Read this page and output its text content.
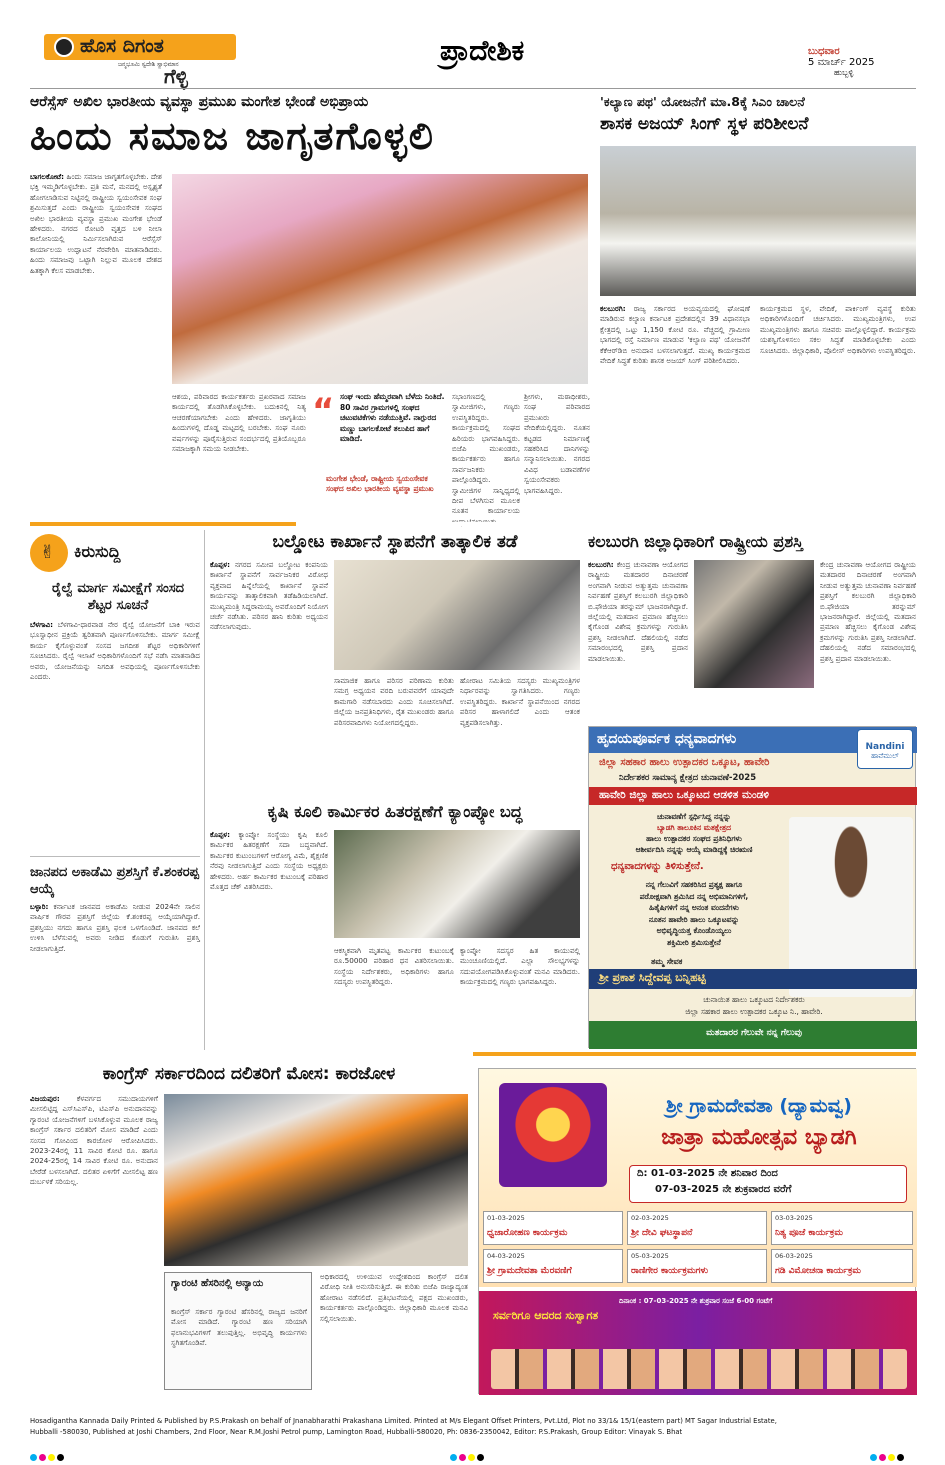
ಹೊಸ ದಿಗಂತ
ಜನ್ಮಭೂಮಿ ಸ್ವದೇಶಿ ಸ್ವಾಭಿಮಾನ
ಗೆಳ್ಳಿ
ಪ್ರಾದೇಶಿಕ	ಬುಧವಾರ
5 ಮಾರ್ಚ್ 2025
ಹುಬ್ಬಳ್ಳಿ
ಆರೆಸ್ಸೆಸ್ ಅಖಿಲ ಭಾರತೀಯ ವ್ಯವಸ್ಥಾ ಪ್ರಮುಖ ಮಂಗೇಶ ಭೇಂಡೆ ಅಭಿಪ್ರಾಯ
ಹಿಂದು ಸಮಾಜ ಜಾಗೃತಗೊಳ್ಳಲಿ
ಬಾಗಲಕೋಟೆ: ಹಿಂದು ಸಮಾಜ ಜಾಗೃತಗೊಳ್ಳಬೇಕು. ದೇಶ ಭಕ್ತಿ ಇಮ್ಮಡಿಗೊಳ್ಳಬೇಕು. ಪ್ರತಿ ಮನೆ, ಮನದಲ್ಲಿ ಅಸ್ಪೃಶ್ಯತೆ ಹೋಗಲಾಡಿಸುವ ನಿಟ್ಟಿನಲ್ಲಿ ರಾಷ್ಟ್ರೀಯ ಸ್ವಯಂಸೇವಕ ಸಂಘ ಶ್ರಮಿಸುತ್ತದೆ ಎಂದು ರಾಷ್ಟ್ರೀಯ ಸ್ವಯಂಸೇವಕ ಸಂಘದ ಅಖಿಲ ಭಾರತೀಯ ವ್ಯವಸ್ಥಾ ಪ್ರಮುಖ ಮಂಗೇಶ ಭೇಂಡೆ ಹೇಳಿದರು. ನಗರದ ರೋಟರಿ ವೃತ್ತದ ಬಳಿ ನೀಲಾ ಕಾಲೋನಿಯಲ್ಲಿ ನಿರ್ಮಿಸಲಾಗಿರುವ ಆರೆಸ್ಸೆಸ್ ಕಾರ್ಯಾಲಯ ಉದ್ಘಾಟನೆ ನೆರವೇರಿಸಿ ಮಾತನಾಡಿದರು. ಹಿಂದು ಸಮಾಜವು ಒಟ್ಟಾಗಿ ನಿಲ್ಲುವ ಮೂಲಕ ದೇಶದ ಹಿತಕ್ಕಾಗಿ ಕೆಲಸ ಮಾಡಬೇಕು.
ಆಶಯ, ಪರಿವಾರದ ಕಾರ್ಯಕರ್ತರು ಪ್ರಖರವಾದ ಸಮಾಜ ಕಾರ್ಯದಲ್ಲಿ ತೊಡಗಿಸಿಕೊಳ್ಳಬೇಕು. ಬದುಕಿನಲ್ಲಿ ನಿತ್ಯ ಆಚರಣೆಯಾಗಬೇಕು ಎಂದು ಹೇಳಿದರು. ಜಾಗೃತಿಯು ಹಿಂದುಗಳಲ್ಲಿ ದೊಡ್ಡ ಮಟ್ಟದಲ್ಲಿ ಬರಬೇಕು. ಸಂಘ ನೂರು ವರ್ಷಗಳನ್ನು ಪೂರೈಸುತ್ತಿರುವ ಸಂದರ್ಭದಲ್ಲಿ ಪ್ರತಿಯೊಬ್ಬರೂ ಸಮಾಜಕ್ಕಾಗಿ ಸಮಯ ನೀಡಬೇಕು.
“ ಸಂಘ ಇಂದು ಹೆಮ್ಮರವಾಗಿ ಬೆಳೆದು ನಿಂತಿದೆ. 80 ಸಾವಿರ ಗ್ರಾಮಗಳಲ್ಲಿ ಸಂಘದ ಚಟುವಟಿಕೆಗಳು ನಡೆಯುತ್ತಿವೆ. ನಾಗ್ಪುರದ ಮಣ್ಣು ಬಾಗಲಕೋಟೆ ತಲುಪಿದ ಹಾಗೆ ಮಾಡಿದೆ.
ಮಂಗೇಶ ಭೇಂಡೆ, ರಾಷ್ಟ್ರೀಯ ಸ್ವಯಂಸೇವಕ ಸಂಘದ ಅಖಿಲ ಭಾರತೀಯ ವ್ಯವಸ್ಥಾ ಪ್ರಮುಖ
ಸಭಾಂಗಣದಲ್ಲಿ ಸ್ವಾಮೀಜಿಗಳು, ಗಣ್ಯರು ಉಪಸ್ಥಿತರಿದ್ದರು. ಕಾರ್ಯಕ್ರಮದಲ್ಲಿ ಸಂಘದ ಹಿರಿಯರು ಭಾಗವಹಿಸಿದ್ದರು. ಬಿಜೆಪಿ ಮುಖಂಡರು, ಕಾರ್ಯಕರ್ತರು ಹಾಗೂ ಸಾರ್ವಜನಿಕರು ಪಾಲ್ಗೊಂಡಿದ್ದರು. ಸ್ವಾಮೀಜಿಗಳ ಸಾನ್ನಿಧ್ಯದಲ್ಲಿ ದೀಪ ಬೆಳಗಿಸುವ ಮೂಲಕ ನೂತನ ಕಾರ್ಯಾಲಯ
ಶ್ರೀಗಳು, ಮಠಾಧೀಶರು, ಸಂಘ ಪರಿವಾರದ ಪ್ರಮುಖರು ವೇದಿಕೆಯಲ್ಲಿದ್ದರು. ನೂತನ ಕಟ್ಟಡದ ನಿರ್ಮಾಣಕ್ಕೆ ಸಹಕರಿಸಿದ ದಾನಿಗಳನ್ನು ಸನ್ಮಾನಿಸಲಾಯಿತು. ನಗರದ ವಿವಿಧ ಬಡಾವಣೆಗಳ ಸ್ವಯಂಸೇವಕರು ಭಾಗವಹಿಸಿದ್ದರು.
'ಕಲ್ಯಾಣ ಪಥ' ಯೋಜನೆಗೆ ಮಾ.8ಕ್ಕೆ ಸಿಎಂ ಚಾಲನೆ
ಶಾಸಕ ಅಜಯ್ ಸಿಂಗ್ ಸ್ಥಳ ಪರಿಶೀಲನೆ
ಕಲಬುರಗಿ: ರಾಜ್ಯ ಸರ್ಕಾರದ ಅಯವ್ಯಯದಲ್ಲಿ ಘೋಷಣೆ ಮಾಡಿರುವ ಕಲ್ಯಾಣ ಕರ್ನಾಟಕ ಪ್ರದೇಶದಲ್ಲಿನ 39 ವಿಧಾನಸಭಾ ಕ್ಷೇತ್ರದಲ್ಲಿ ಒಟ್ಟು 1,150 ಕೋಟಿ ರೂ. ವೆಚ್ಚದಲ್ಲಿ ಗ್ರಾಮೀಣ ಭಾಗದಲ್ಲಿ ರಸ್ತೆ ನಿರ್ಮಾಣ ಮಾಡುವ 'ಕಲ್ಯಾಣ ಪಥ' ಯೋಜನೆಗೆ ಕೆಕೆಆರ್‌ಡಿಬಿ ಅನುದಾನ ಬಳಸಲಾಗುತ್ತದೆ. ಮುಖ್ಯ ಕಾರ್ಯಕ್ರಮದ ವೇದಿಕೆ ಸಿದ್ಧತೆ ಕುರಿತು ಶಾಸಕ ಅಜಯ್ ಸಿಂಗ್ ಪರಿಶೀಲಿಸಿದರು.
ಕಾರ್ಯಕ್ರಮದ ಸ್ಥಳ, ವೇದಿಕೆ, ಪಾರ್ಕಿಂಗ್ ವ್ಯವಸ್ಥೆ ಕುರಿತು ಅಧಿಕಾರಿಗಳೊಂದಿಗೆ ಚರ್ಚಿಸಿದರು. ಮುಖ್ಯಮಂತ್ರಿಗಳು, ಉಪ ಮುಖ್ಯಮಂತ್ರಿಗಳು ಹಾಗೂ ಸಚಿವರು ಪಾಲ್ಗೊಳ್ಳಲಿದ್ದಾರೆ. ಕಾರ್ಯಕ್ರಮ ಯಶಸ್ವಿಗೊಳಿಸಲು ಸಕಲ ಸಿದ್ಧತೆ ಮಾಡಿಕೊಳ್ಳಬೇಕು ಎಂದು ಸೂಚಿಸಿದರು. ಜಿಲ್ಲಾಧಿಕಾರಿ, ಪೊಲೀಸ್ ಅಧಿಕಾರಿಗಳು ಉಪಸ್ಥಿತರಿದ್ದರು.
✌ ಕಿರುಸುದ್ದಿ
ರೈಲ್ವೆ ಮಾರ್ಗ ಸಮೀಕ್ಷೆಗೆ ಸಂಸದ ಶೆಟ್ಟರ ಸೂಚನೆ
ಬೆಳಗಾವಿ: ಬೆಳಗಾವಿ-ಧಾರವಾಡ ನೇರ ರೈಲ್ವೆ ಯೋಜನೆಗೆ ಬಾಕಿ ಇರುವ ಭೂಸ್ವಾಧೀನ ಪ್ರಕ್ರಿಯೆ ತ್ವರಿತವಾಗಿ ಪೂರ್ಣಗೊಳಿಸಬೇಕು. ಮಾರ್ಗ ಸಮೀಕ್ಷೆ ಕಾರ್ಯ ಕೈಗೊಳ್ಳುವಂತೆ ಸಂಸದ ಜಗದೀಶ ಶೆಟ್ಟರ ಅಧಿಕಾರಿಗಳಿಗೆ ಸೂಚಿಸಿದರು. ರೈಲ್ವೆ ಇಲಾಖೆ ಅಧಿಕಾರಿಗಳೊಂದಿಗೆ ಸಭೆ ನಡೆಸಿ ಮಾತನಾಡಿದ ಅವರು, ಯೋಜನೆಯನ್ನು ನಿಗದಿತ ಅವಧಿಯಲ್ಲಿ ಪೂರ್ಣಗೊಳಿಸಬೇಕು ಎಂದರು.
ಜಾನಪದ ಅಕಾಡೆಮಿ ಪ್ರಶಸ್ತಿಗೆ ಕೆ.ಶಂಕರಪ್ಪ ಆಯ್ಕೆ
ಬಳ್ಳಾರಿ: ಕರ್ನಾಟಕ ಜಾನಪದ ಅಕಾಡೆಮಿ ನೀಡುವ 2024ನೇ ಸಾಲಿನ ವಾರ್ಷಿಕ ಗೌರವ ಪ್ರಶಸ್ತಿಗೆ ಜಿಲ್ಲೆಯ ಕೆ.ಶಂಕರಪ್ಪ ಆಯ್ಕೆಯಾಗಿದ್ದಾರೆ. ಪ್ರಶಸ್ತಿಯು ನಗದು ಹಾಗೂ ಪ್ರಶಸ್ತಿ ಫಲಕ ಒಳಗೊಂಡಿದೆ. ಜಾನಪದ ಕಲೆ ಉಳಿಸಿ ಬೆಳೆಸುವಲ್ಲಿ ಅವರು ನೀಡಿದ ಕೊಡುಗೆ ಗುರುತಿಸಿ ಪ್ರಶಸ್ತಿ ನೀಡಲಾಗುತ್ತಿದೆ.
ಬಲ್ಡೋಟ ಕಾರ್ಖಾನೆ ಸ್ಥಾಪನೆಗೆ ತಾತ್ಕಾಲಿಕ ತಡೆ
ಕೊಪ್ಪಳ: ನಗರದ ಸಮೀಪ ಬಲ್ಡೋಟ ಕಂಪನಿಯ ಕಾರ್ಖಾನೆ ಸ್ಥಾಪನೆಗೆ ಸಾರ್ವಜನಿಕರ ವಿರೋಧ ವ್ಯಕ್ತವಾದ ಹಿನ್ನೆಲೆಯಲ್ಲಿ ಕಾರ್ಖಾನೆ ಸ್ಥಾಪನೆ ಕಾರ್ಯವನ್ನು ತಾತ್ಕಾಲಿಕವಾಗಿ ತಡೆಹಿಡಿಯಲಾಗಿದೆ. ಮುಖ್ಯಮಂತ್ರಿ ಸಿದ್ದರಾಮಯ್ಯ ಅವರೊಂದಿಗೆ ನಿಯೋಗ ಚರ್ಚೆ ನಡೆಸಿತು. ಪರಿಸರ ಹಾನಿ ಕುರಿತು ಅಧ್ಯಯನ ನಡೆಸಲಾಗುವುದು.
ಸಾಮಾಜಿಕ ಹಾಗೂ ಪರಿಸರ ಪರಿಣಾಮ ಕುರಿತು ಸಮಗ್ರ ಅಧ್ಯಯನ ವರದಿ ಬರುವವರೆಗೆ ಯಾವುದೇ ಕಾಮಗಾರಿ ನಡೆಸಬಾರದು ಎಂದು ಸೂಚಿಸಲಾಗಿದೆ. ಜಿಲ್ಲೆಯ ಜನಪ್ರತಿನಿಧಿಗಳು, ರೈತ ಮುಖಂಡರು ಹಾಗೂ ಪರಿಸರವಾದಿಗಳು ನಿಯೋಗದಲ್ಲಿದ್ದರು.
ಹೋರಾಟ ಸಮಿತಿಯ ಸದಸ್ಯರು ಮುಖ್ಯಮಂತ್ರಿಗಳ ನಿರ್ಧಾರವನ್ನು ಸ್ವಾಗತಿಸಿದರು. ಗಣ್ಯರು ಉಪಸ್ಥಿತರಿದ್ದರು. ಕಾರ್ಖಾನೆ ಸ್ಥಾಪನೆಯಿಂದ ನಗರದ ಪರಿಸರ ಹಾಳಾಗಲಿದೆ ಎಂದು ಆತಂಕ ವ್ಯಕ್ತಪಡಿಸಲಾಗಿತ್ತು.
ಕಲಬುರಗಿ ಜಿಲ್ಲಾಧಿಕಾರಿಗೆ ರಾಷ್ಟ್ರೀಯ ಪ್ರಶಸ್ತಿ
ಕಲಬುರಗಿ: ಕೇಂದ್ರ ಚುನಾವಣಾ ಆಯೋಗದ ರಾಷ್ಟ್ರೀಯ ಮತದಾರರ ದಿನಾಚರಣೆ ಅಂಗವಾಗಿ ನೀಡುವ ಅತ್ಯುತ್ತಮ ಚುನಾವಣಾ ನಿರ್ವಹಣೆ ಪ್ರಶಸ್ತಿಗೆ ಕಲಬುರಗಿ ಜಿಲ್ಲಾಧಿಕಾರಿ ಬಿ.ಫೌಜಿಯಾ ತರನ್ನುಮ್ ಭಾಜನರಾಗಿದ್ದಾರೆ. ಜಿಲ್ಲೆಯಲ್ಲಿ ಮತದಾನ ಪ್ರಮಾಣ ಹೆಚ್ಚಿಸಲು ಕೈಗೊಂಡ ವಿಶೇಷ ಕ್ರಮಗಳನ್ನು ಗುರುತಿಸಿ ಪ್ರಶಸ್ತಿ ನೀಡಲಾಗಿದೆ. ದೆಹಲಿಯಲ್ಲಿ ನಡೆದ ಸಮಾರಂಭದಲ್ಲಿ ಪ್ರಶಸ್ತಿ ಪ್ರದಾನ ಮಾಡಲಾಯಿತು.
ಕೇಂದ್ರ ಚುನಾವಣಾ ಆಯೋಗದ ರಾಷ್ಟ್ರೀಯ ಮತದಾರರ ದಿನಾಚರಣೆ ಅಂಗವಾಗಿ ನೀಡುವ ಅತ್ಯುತ್ತಮ ಚುನಾವಣಾ ನಿರ್ವಹಣೆ ಪ್ರಶಸ್ತಿಗೆ ಕಲಬುರಗಿ ಜಿಲ್ಲಾಧಿಕಾರಿ ಬಿ.ಫೌಜಿಯಾ ತರನ್ನುಮ್ ಭಾಜನರಾಗಿದ್ದಾರೆ. ಜಿಲ್ಲೆಯಲ್ಲಿ ಮತದಾನ ಪ್ರಮಾಣ ಹೆಚ್ಚಿಸಲು ಕೈಗೊಂಡ ವಿಶೇಷ ಕ್ರಮಗಳನ್ನು ಗುರುತಿಸಿ ಪ್ರಶಸ್ತಿ ನೀಡಲಾಗಿದೆ. ದೆಹಲಿಯಲ್ಲಿ ನಡೆದ ಸಮಾರಂಭದಲ್ಲಿ ಪ್ರಶಸ್ತಿ ಪ್ರದಾನ ಮಾಡಲಾಯಿತು.
ಹೃದಯಪೂರ್ವಕ ಧನ್ಯವಾದಗಳು	Nandini
ಹಾವೆಮುಲ್
ಜಿಲ್ಲಾ ಸಹಕಾರ ಹಾಲು ಉತ್ಪಾದಕರ ಒಕ್ಕೂಟ, ಹಾವೇರಿ
ನಿರ್ದೇಶಕರ ಸಾಮಾನ್ಯ ಕ್ಷೇತ್ರದ ಚುನಾವಣೆ-2025
ಹಾವೇರಿ ಜಿಲ್ಲಾ ಹಾಲು ಒಕ್ಕೂಟದ ಆಡಳಿತ ಮಂಡಳಿ
ಚುನಾವಣೆಗೆ ಸ್ಪರ್ಧಿಸಿದ್ದ ನನ್ನನ್ನು
ಬ್ಯಾಡಗಿ ತಾಲೂಕಿನ ಮತಕ್ಷೇತ್ರದ
ಹಾಲು ಉತ್ಪಾದಕರ ಸಂಘದ ಪ್ರತಿನಿಧಿಗಳು
ಆಶೀರ್ವದಿಸಿ ನನ್ನನ್ನು ಆಯ್ಕೆ ಮಾಡಿದ್ದಕ್ಕೆ ಚಿರಋಣಿ
ಧನ್ಯವಾದಗಳನ್ನು ತಿಳಿಸುತ್ತೇನೆ.
ನನ್ನ ಗೆಲುವಿಗೆ ಸಹಕರಿಸಿದ ಪ್ರತ್ಯಕ್ಷ ಹಾಗೂ
ಪರೋಕ್ಷವಾಗಿ ಶ್ರಮಿಸಿದ ನನ್ನ ಅಭಿಮಾನಿಗಳಿಗೆ,
ಹಿತೈಷಿಗಳಿಗೆ ನನ್ನ ಅನಂತ ವಂದನೆಗಳು
ನೂತನ ಹಾವೇರಿ ಹಾಲು ಒಕ್ಕೂಟವನ್ನು
ಅಭಿವೃದ್ಧಿಯತ್ತ ಕೊಂಡೊಯ್ಯಲು
ಶಕ್ತಿಮೀರಿ ಶ್ರಮಿಸುತ್ತೇನೆ
ತಮ್ಮ ಸೇವಕ
ಶ್ರೀ ಪ್ರಕಾಶ ಸಿದ್ದೇವಪ್ಪ ಬನ್ನಿಹಟ್ಟಿ
ಚುನಾಯಿತ ಹಾಲು ಒಕ್ಕೂಟದ ನಿರ್ದೇಶಕರು
ಜಿಲ್ಲಾ ಸಹಕಾರ ಹಾಲು ಉತ್ಪಾದಕರ ಒಕ್ಕೂಟ ನಿ., ಹಾವೇರಿ.
ಮತದಾರರ ಗೆಲುವೇ ನನ್ನ ಗೆಲುವು
ಕೃಷಿ ಕೂಲಿ ಕಾರ್ಮಿಕರ ಹಿತರಕ್ಷಣೆಗೆ ಕ್ಯಾಂಪ್ಕೋ ಬದ್ಧ
ಕೊಪ್ಪಳ: ಕ್ಯಾಂಪ್ಕೋ ಸಂಸ್ಥೆಯು ಕೃಷಿ ಕೂಲಿ ಕಾರ್ಮಿಕರ ಹಿತರಕ್ಷಣೆಗೆ ಸದಾ ಬದ್ಧವಾಗಿದೆ. ಕಾರ್ಮಿಕರ ಕುಟುಂಬಗಳಿಗೆ ಆರೋಗ್ಯ ವಿಮೆ, ಶೈಕ್ಷಣಿಕ ನೆರವು ನೀಡಲಾಗುತ್ತಿದೆ ಎಂದು ಸಂಸ್ಥೆಯ ಅಧ್ಯಕ್ಷರು ಹೇಳಿದರು. ಅರ್ಹ ಕಾರ್ಮಿಕರ ಕುಟುಂಬಕ್ಕೆ ಪರಿಹಾರ ಮೊತ್ತದ ಚೆಕ್ ವಿತರಿಸಿದರು.
ಆಕಸ್ಮಿಕವಾಗಿ ಮೃತಪಟ್ಟ ಕಾರ್ಮಿಕರ ಕುಟುಂಬಕ್ಕೆ ರೂ.50000 ಪರಿಹಾರ ಧನ ವಿತರಿಸಲಾಯಿತು. ಸಂಸ್ಥೆಯ ನಿರ್ದೇಶಕರು, ಅಧಿಕಾರಿಗಳು ಹಾಗೂ ಸದಸ್ಯರು ಉಪಸ್ಥಿತರಿದ್ದರು.
ಕ್ಯಾಂಪ್ಕೋ ಸದಸ್ಯರ ಹಿತ ಕಾಯುವಲ್ಲಿ ಮುಂಚೂಣಿಯಲ್ಲಿದೆ. ಎಲ್ಲಾ ಸೌಲಭ್ಯಗಳನ್ನು ಸದುಪಯೋಗಪಡಿಸಿಕೊಳ್ಳುವಂತೆ ಮನವಿ ಮಾಡಿದರು. ಕಾರ್ಯಕ್ರಮದಲ್ಲಿ ಗಣ್ಯರು ಭಾಗವಹಿಸಿದ್ದರು.
ಕಾಂಗ್ರೆಸ್ ಸರ್ಕಾರದಿಂದ ದಲಿತರಿಗೆ ಮೋಸ: ಕಾರಜೋಳ
ವಿಜಯಪುರ: ಕೆಳವರ್ಗದ ಸಮುದಾಯಗಳಿಗೆ ಮೀಸಲಿಟ್ಟಿದ್ದ ಎಸ್‌ಸಿಎಸ್‌ಪಿ, ಟಿಎಸ್‌ಪಿ ಅನುದಾನವನ್ನು ಗ್ಯಾರಂಟಿ ಯೋಜನೆಗಳಿಗೆ ಬಳಸಿಕೊಳ್ಳುವ ಮೂಲಕ ರಾಜ್ಯ ಕಾಂಗ್ರೆಸ್ ಸರ್ಕಾರ ದಲಿತರಿಗೆ ಮೋಸ ಮಾಡಿದೆ ಎಂದು ಸಂಸದ ಗೋವಿಂದ ಕಾರಜೋಳ ಆರೋಪಿಸಿದರು. 2023-24ರಲ್ಲಿ 11 ಸಾವಿರ ಕೋಟಿ ರೂ. ಹಾಗೂ 2024-25ರಲ್ಲಿ 14 ಸಾವಿರ ಕೋಟಿ ರೂ. ಅನುದಾನ ಬೇರೆಡೆ ಬಳಸಲಾಗಿದೆ. ದಲಿತರ ಏಳಿಗೆಗೆ ಮೀಸಲಿಟ್ಟ ಹಣ ದುರ್ಬಳಕೆ ಸರಿಯಲ್ಲ.
ಗ್ಯಾರಂಟಿ ಹೆಸರಿನಲ್ಲಿ ಅನ್ಯಾಯ
ಕಾಂಗ್ರೆಸ್ ಸರ್ಕಾರ ಗ್ಯಾರಂಟಿ ಹೆಸರಿನಲ್ಲಿ ರಾಜ್ಯದ ಜನರಿಗೆ ಮೋಸ ಮಾಡಿದೆ. ಗ್ಯಾರಂಟಿ ಹಣ ಸರಿಯಾಗಿ ಫಲಾನುಭವಿಗಳಿಗೆ ತಲುಪುತ್ತಿಲ್ಲ. ಅಭಿವೃದ್ಧಿ ಕಾರ್ಯಗಳು ಸ್ಥಗಿತಗೊಂಡಿವೆ.
ಅಧಿಕಾರದಲ್ಲಿ ಉಳಿಯುವ ಉದ್ದೇಶದಿಂದ ಕಾಂಗ್ರೆಸ್ ದಲಿತ ವಿರೋಧಿ ನೀತಿ ಅನುಸರಿಸುತ್ತಿದೆ. ಈ ಕುರಿತು ಬಿಜೆಪಿ ರಾಜ್ಯಾದ್ಯಂತ ಹೋರಾಟ ನಡೆಸಲಿದೆ. ಪ್ರತಿಭಟನೆಯಲ್ಲಿ ಪಕ್ಷದ ಮುಖಂಡರು, ಕಾರ್ಯಕರ್ತರು ಪಾಲ್ಗೊಂಡಿದ್ದರು. ಜಿಲ್ಲಾಧಿಕಾರಿ ಮೂಲಕ ಮನವಿ ಸಲ್ಲಿಸಲಾಯಿತು.
ಶ್ರೀ ಗ್ರಾಮದೇವತಾ (ದ್ಯಾಮವ್ವ)
ಜಾತ್ರಾ ಮಹೋತ್ಸವ ಬ್ಯಾಡಗಿ
ದಿ: 01-03-2025 ನೇ ಶನಿವಾರ ದಿಂದ
07-03-2025 ನೇ ಶುಕ್ರವಾರದ ವರೆಗೆ
01-03-2025
ಧ್ವಜಾರೋಹಣ ಕಾರ್ಯಕ್ರಮ
02-03-2025
ಶ್ರೀ ದೇವಿ ಘಟಸ್ಥಾಪನೆ
03-03-2025
ನಿತ್ಯ ಪೂಜೆ ಕಾರ್ಯಕ್ರಮ
04-03-2025
ಶ್ರೀ ಗ್ರಾಮದೇವತಾ ಮೆರವಣಿಗೆ
05-03-2025
ರಾಣಿಗೇರ ಕಾರ್ಯಕ್ರಮಗಳು
06-03-2025
ಗಡಿ ವಿಮೋಚನಾ ಕಾರ್ಯಕ್ರಮ
ಸರ್ವರಿಗೂ ಆದರದ ಸುಸ್ವಾಗತ
ದಿನಾಂಕ : 07-03-2025 ನೇ ಶುಕ್ರವಾರ ಸಂಜೆ 6-00 ಗಂಟೆಗೆ
Hosadigantha Kannada Daily Printed & Published by P.S.Prakash on behalf of Jnanabharathi Prakashana Limited. Printed at M/s Elegant Offset Printers, Pvt.Ltd, Plot no 33/1& 15/1(eastern part) MT Sagar Industrial Estate,
Hubballi -580030, Published at Joshi Chambers, 2nd Floor, Near R.M.Joshi Petrol pump, Lamington Road, Hubballi-580020, Ph: 0836-2350042, Editor: P.S.Prakash, Group Editor: Vinayak S. Bhat
